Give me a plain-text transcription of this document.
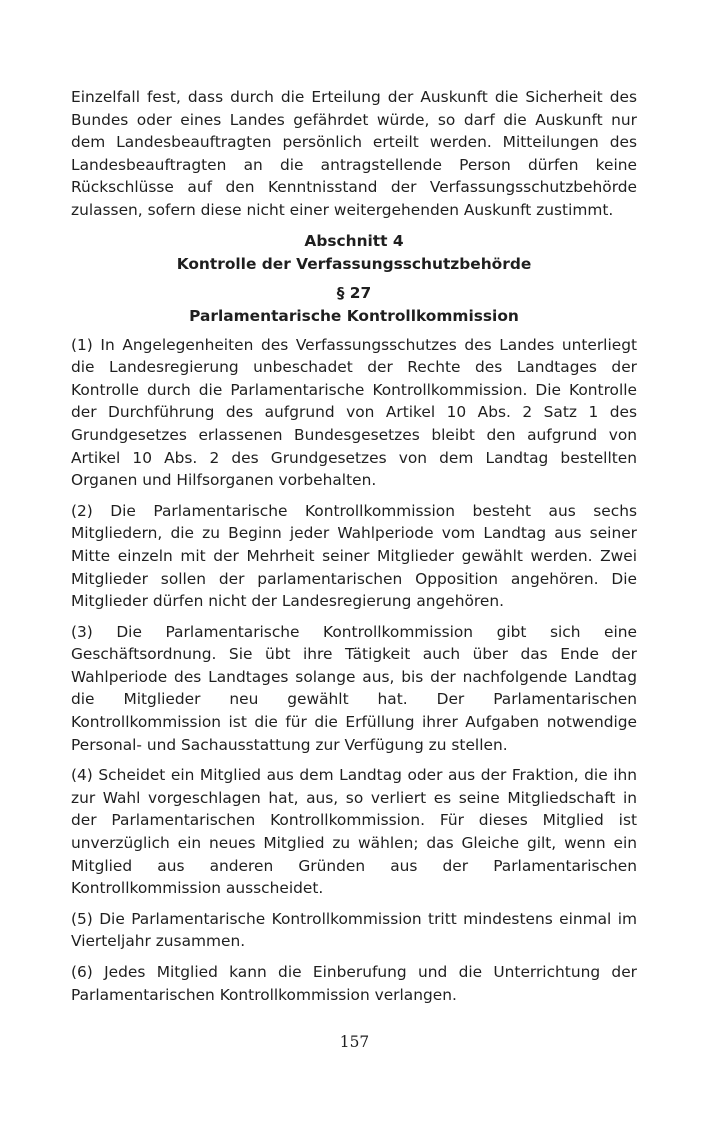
Einzelfall fest, dass durch die Erteilung der Auskunft die Sicherheit des Bundes oder eines Landes gefährdet würde, so darf die Auskunft nur dem Landesbeauftragten persönlich erteilt werden. Mitteilungen des Landesbeauftragten an die antragstellende Person dürfen keine Rückschlüsse auf den Kenntnisstand der Verfassungsschutzbehörde zulassen, sofern diese nicht einer weitergehenden Auskunft zustimmt.

Abschnitt 4

Kontrolle der Verfassungsschutzbehörde

§ 27

Parlamentarische Kontrollkommission

(1) In Angelegenheiten des Verfassungsschutzes des Landes unterliegt die Landesregierung unbeschadet der Rechte des Landtages der Kontrolle durch die Parlamentarische Kontrollkommission. Die Kontrolle der Durchführung des aufgrund von Artikel 10 Abs. 2 Satz 1 des Grundgesetzes erlassenen Bundesgesetzes bleibt den aufgrund von Artikel 10 Abs. 2 des Grundgesetzes von dem Landtag bestellten Organen und Hilfsorganen vorbehalten.

(2) Die Parlamentarische Kontrollkommission besteht aus sechs Mitgliedern, die zu Beginn jeder Wahlperiode vom Landtag aus seiner Mitte einzeln mit der Mehrheit seiner Mitglieder gewählt werden. Zwei Mitglieder sollen der parlamentarischen Opposition angehören. Die Mitglieder dürfen nicht der Landesregierung angehören.

(3) Die Parlamentarische Kontrollkommission gibt sich eine Geschäftsordnung. Sie übt ihre Tätigkeit auch über das Ende der Wahlperiode des Landtages solange aus, bis der nachfolgende Landtag die Mitglieder neu gewählt hat. Der Parlamentarischen Kontrollkommission ist die für die Erfüllung ihrer Aufgaben notwendige Personal- und Sachausstattung zur Verfügung zu stellen.

(4) Scheidet ein Mitglied aus dem Landtag oder aus der Fraktion, die ihn zur Wahl vorgeschlagen hat, aus, so verliert es seine Mitgliedschaft in der Parlamentarischen Kontrollkommission. Für dieses Mitglied ist unverzüglich ein neues Mitglied zu wählen; das Gleiche gilt, wenn ein Mitglied aus anderen Gründen aus der Parlamentarischen Kontrollkommission ausscheidet.

(5) Die Parlamentarische Kontrollkommission tritt mindestens einmal im Vierteljahr zusammen.

(6) Jedes Mitglied kann die Einberufung und die Unterrichtung der Parlamentarischen Kontrollkommission verlangen.

157
